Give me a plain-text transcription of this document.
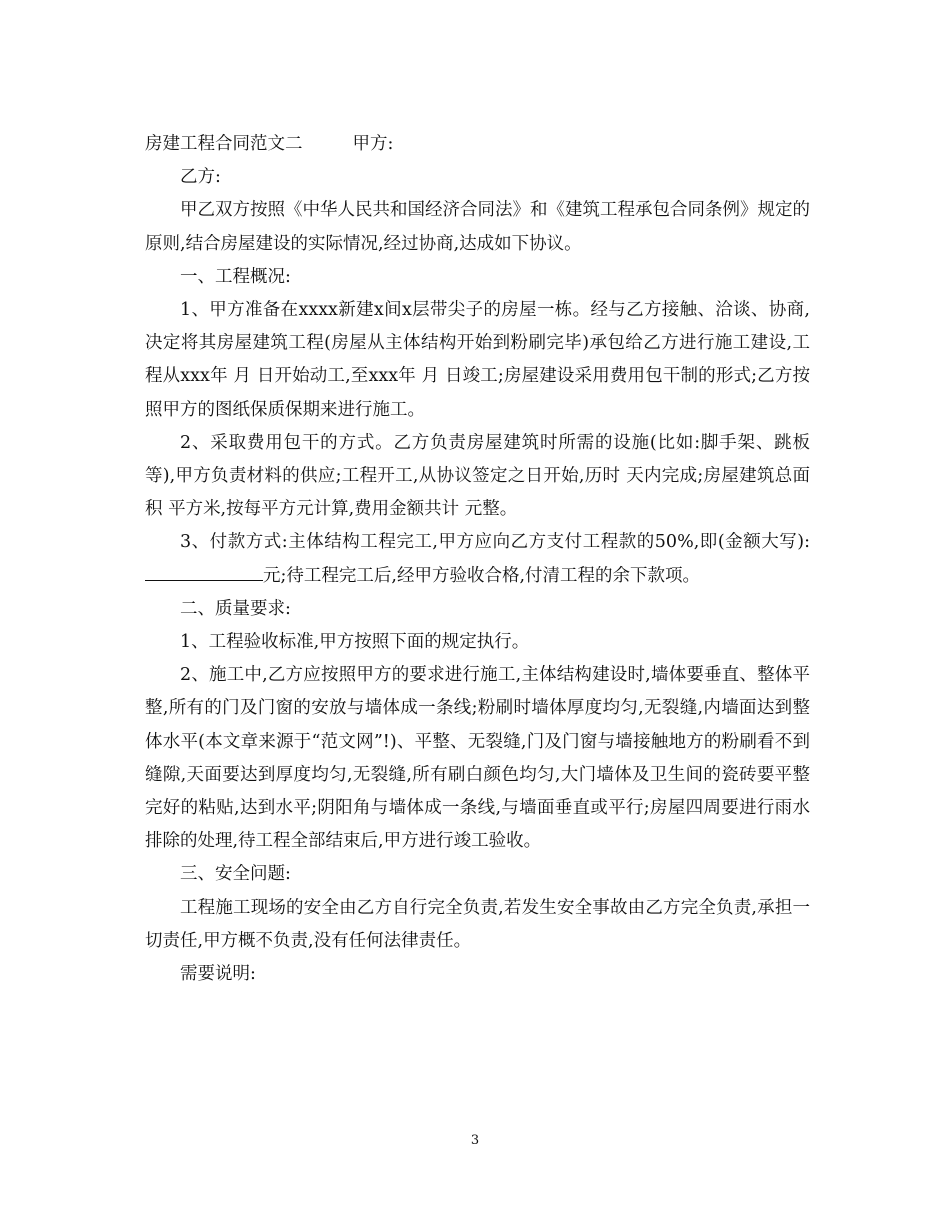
房建工程合同范文二	甲方:

乙方:

甲乙双方按照《中华人民共和国经济合同法》和《建筑工程承包合同条例》规定的原则,结合房屋建设的实际情况,经过协商,达成如下协议。

一、工程概况:

1、甲方准备在xxxx新建x间x层带尖子的房屋一栋。经与乙方接触、洽谈、协商,决定将其房屋建筑工程(房屋从主体结构开始到粉刷完毕)承包给乙方进行施工建设,工程从xxx年 月 日开始动工,至xxx年 月 日竣工;房屋建设采用费用包干制的形式;乙方按照甲方的图纸保质保期来进行施工。

2、采取费用包干的方式。乙方负责房屋建筑时所需的设施(比如:脚手架、跳板等),甲方负责材料的供应;工程开工,从协议签定之日开始,历时 天内完成;房屋建筑总面积 平方米,按每平方元计算,费用金额共计 元整。

3、付款方式:主体结构工程完工,甲方应向乙方支付工程款的50%,即(金额大写):元;待工程完工后,经甲方验收合格,付清工程的余下款项。

二、质量要求:

1、工程验收标准,甲方按照下面的规定执行。

2、施工中,乙方应按照甲方的要求进行施工,主体结构建设时,墙体要垂直、整体平整,所有的门及门窗的安放与墙体成一条线;粉刷时墙体厚度均匀,无裂缝,内墙面达到整体水平(本文章来源于“范文网”!)、平整、无裂缝,门及门窗与墙接触地方的粉刷看不到缝隙,天面要达到厚度均匀,无裂缝,所有刷白颜色均匀,大门墙体及卫生间的瓷砖要平整完好的粘贴,达到水平;阴阳角与墙体成一条线,与墙面垂直或平行;房屋四周要进行雨水排除的处理,待工程全部结束后,甲方进行竣工验收。

三、安全问题:

工程施工现场的安全由乙方自行完全负责,若发生安全事故由乙方完全负责,承担一切责任,甲方概不负责,没有任何法律责任。

需要说明:

3
